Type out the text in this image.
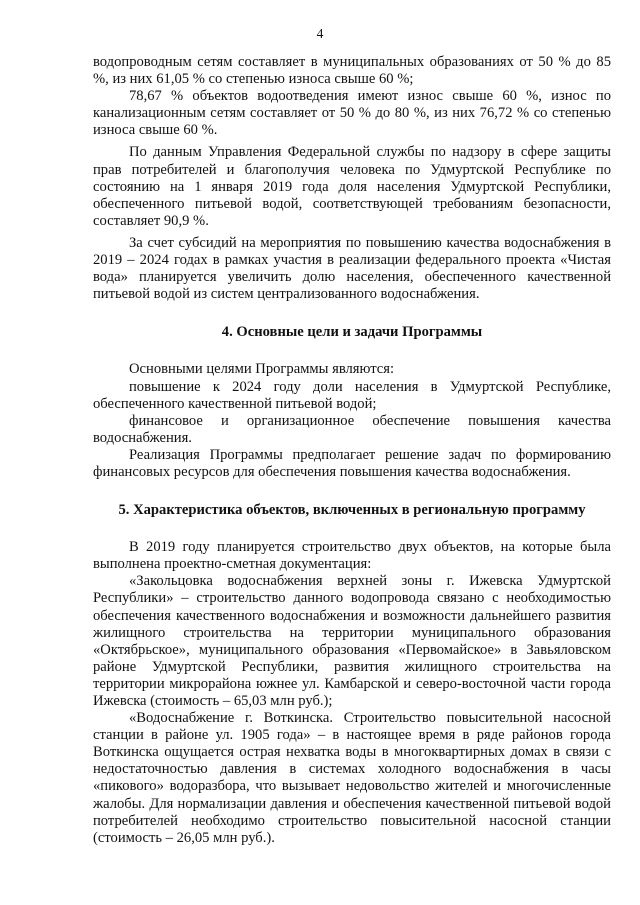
4

водопроводным сетям составляет в муниципальных образованиях от 50 % до 85 %, из них 61,05 % со степенью износа свыше 60 %;

78,67 % объектов водоотведения имеют износ свыше 60 %, износ по канализационным сетям составляет от 50 % до 80 %, из них 76,72 % со степенью износа свыше 60 %.

По данным Управления Федеральной службы по надзору в сфере защиты прав потребителей и благополучия человека по Удмуртской Республике по состоянию на 1 января 2019 года доля населения Удмуртской Республики, обеспеченного питьевой водой, соответствующей требованиям безопасности, составляет 90,9 %.

За счет субсидий на мероприятия по повышению качества водоснабжения в 2019 – 2024 годах в рамках участия в реализации федерального проекта «Чистая вода» планируется увеличить долю населения, обеспеченного качественной питьевой водой из систем централизованного водоснабжения.

4. Основные цели и задачи Программы

Основными целями Программы являются:

повышение к 2024 году доли населения в Удмуртской Республике, обеспеченного качественной питьевой водой;

финансовое и организационное обеспечение повышения качества водоснабжения.

Реализация Программы предполагает решение задач по формированию финансовых ресурсов для обеспечения повышения качества водоснабжения.

5. Характеристика объектов, включенных в региональную программу

В 2019 году планируется строительство двух объектов, на которые была выполнена проектно-сметная документация:

«Закольцовка водоснабжения верхней зоны г. Ижевска Удмуртской Республики» – строительство данного водопровода связано с необходимостью обеспечения качественного водоснабжения и возможности дальнейшего развития жилищного строительства на территории муниципального образования «Октябрьское», муниципального образования «Первомайское» в Завьяловском районе Удмуртской Республики, развития жилищного строительства на территории микрорайона южнее ул. Камбарской и северо-восточной части города Ижевска (стоимость – 65,03 млн руб.);

«Водоснабжение г. Воткинска. Строительство повысительной насосной станции в районе ул. 1905 года» – в настоящее время в ряде районов города Воткинска ощущается острая нехватка воды в многоквартирных домах в связи с недостаточностью давления в системах холодного водоснабжения в часы «пикового» водоразбора, что вызывает недовольство жителей и многочисленные жалобы. Для нормализации давления и обеспечения качественной питьевой водой потребителей необходимо строительство повысительной насосной станции (стоимость – 26,05 млн руб.).
